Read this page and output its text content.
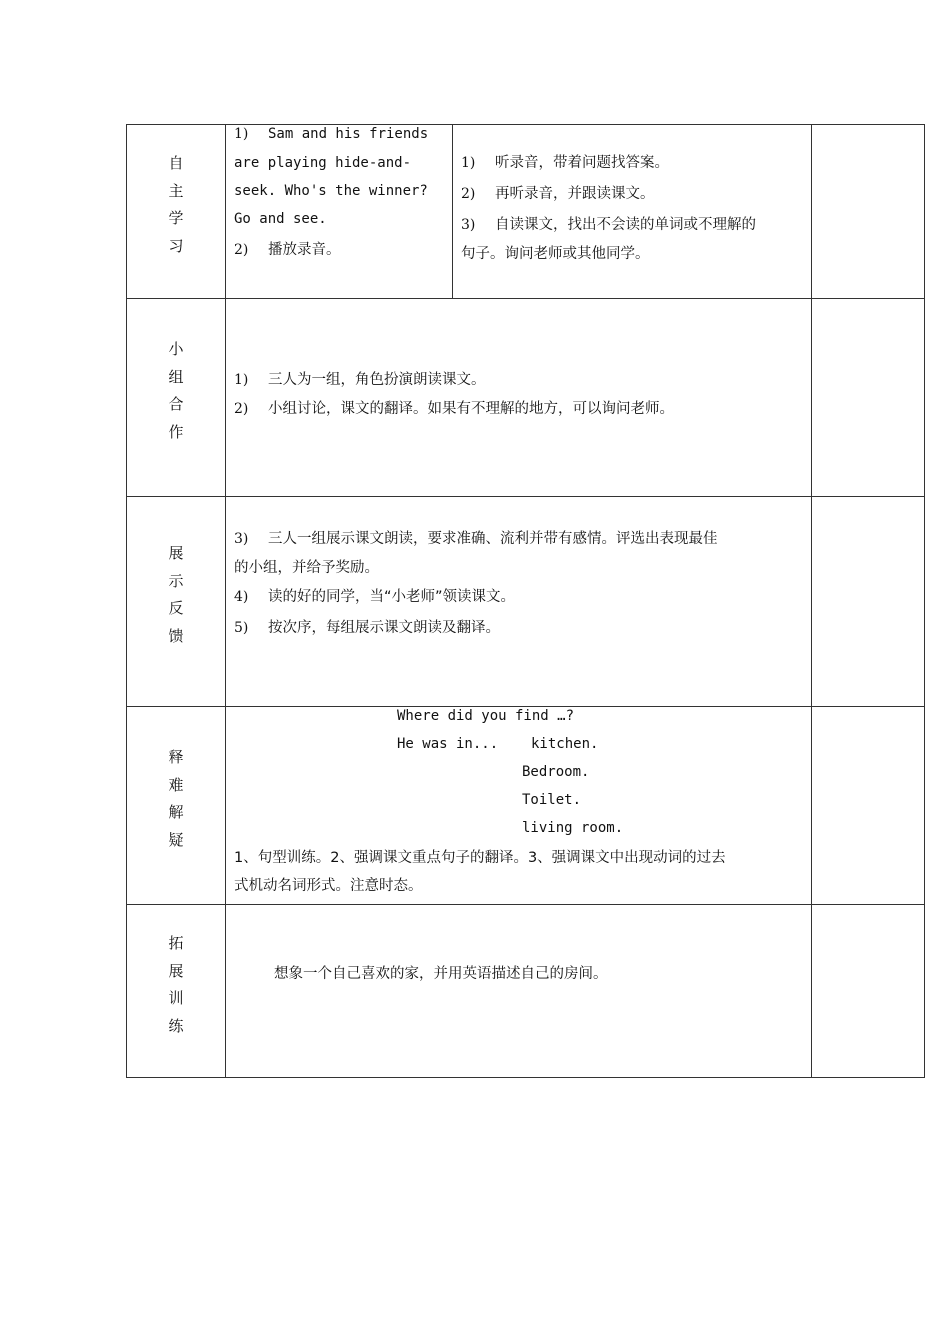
自
主
学
习
1) Sam and his friends
are playing hide-and-
seek. Who's the winner?
Go and see.
2) 播放录音。
1) 听录音，带着问题找答案。
2) 再听录音，并跟读课文。
3) 自读课文，找出不会读的单词或不理解的
句子。询问老师或其他同学。
小
组
合
作
1) 三人为一组，角色扮演朗读课文。
2) 小组讨论，课文的翻译。如果有不理解的地方，可以询问老师。
展
示
反
馈
3) 三人一组展示课文朗读，要求准确、流利并带有感情。评选出表现最佳
的小组，并给予奖励。
4) 读的好的同学，当“小老师”领读课文。
5) 按次序，每组展示课文朗读及翻译。
释
难
解
疑
Where did you find …?
He was in... kitchen.
Bedroom.
Toilet.
living room.
1、句型训练。2、强调课文重点句子的翻译。3、强调课文中出现动词的过去
式机动名词形式。注意时态。
拓
展
训
练
想象一个自己喜欢的家，并用英语描述自己的房间。
